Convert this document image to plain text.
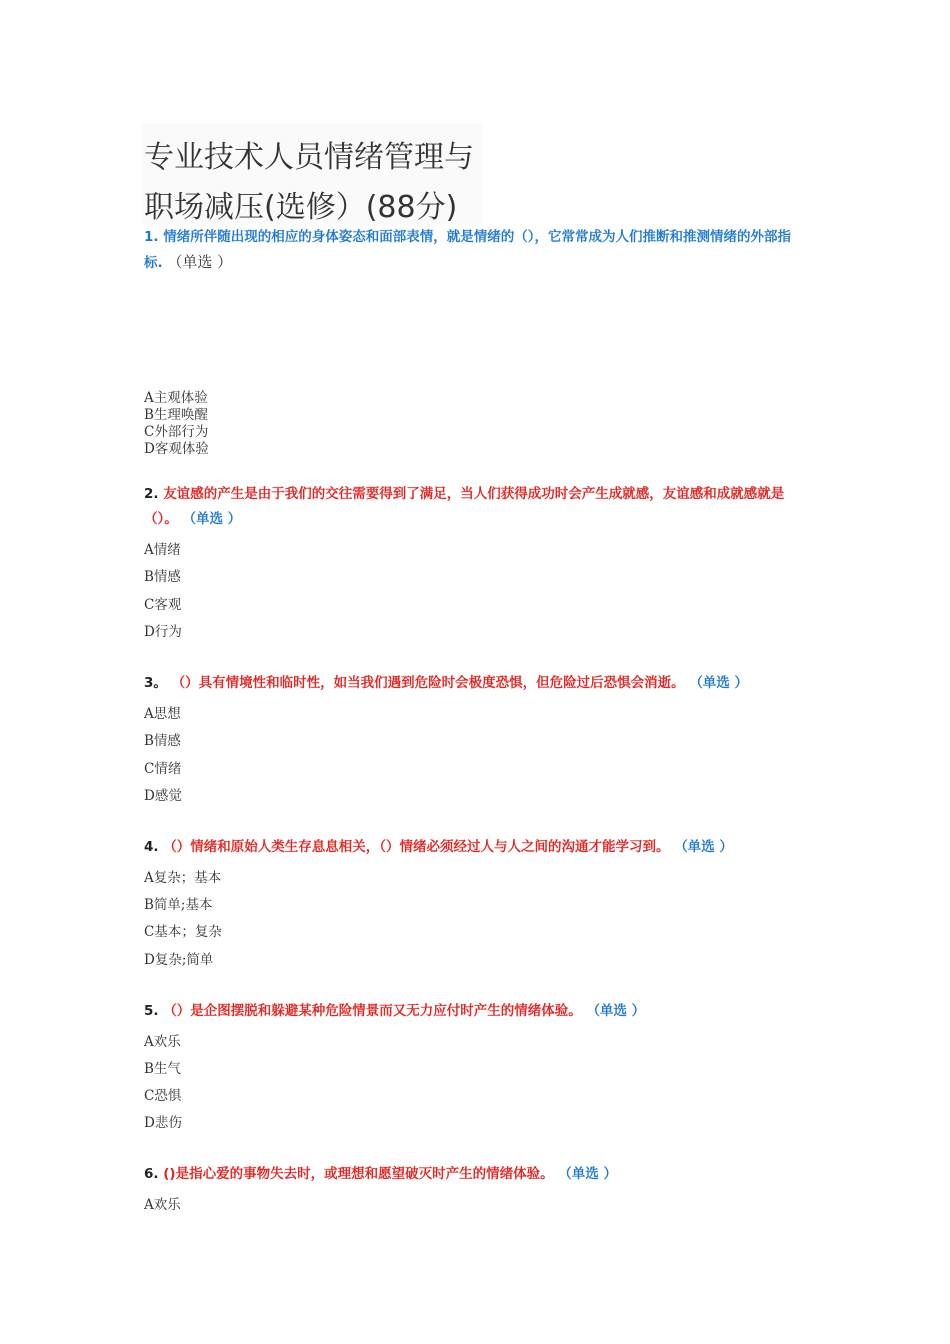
专业技术人员情绪管理与
职场减压(选修）(88分)
1. 情绪所伴随出现的相应的身体姿态和面部表情，就是情绪的（），它常常成为人们推断和推测情绪的外部指标. （单选 ）
A主观体验
B生理唤醒
C外部行为
D客观体验
2. 友谊感的产生是由于我们的交往需要得到了满足，当人们获得成功时会产生成就感，友谊感和成就感就是（）。 （单选 ）
A情绪
B情感
C客观
D行为
3。 （）具有情境性和临时性，如当我们遇到危险时会极度恐惧，但危险过后恐惧会消逝。 （单选 ）
A思想
B情感
C情绪
D感觉
4. （）情绪和原始人类生存息息相关，（）情绪必须经过人与人之间的沟通才能学习到。 （单选 ）
A复杂；基本
B简单;基本
C基本；复杂
D复杂;简单
5. （）是企图摆脱和躲避某种危险情景而又无力应付时产生的情绪体验。 （单选 ）
A欢乐
B生气
C恐惧
D悲伤
6. ()是指心爱的事物失去时，或理想和愿望破灭时产生的情绪体验。 （单选 ）
A欢乐
